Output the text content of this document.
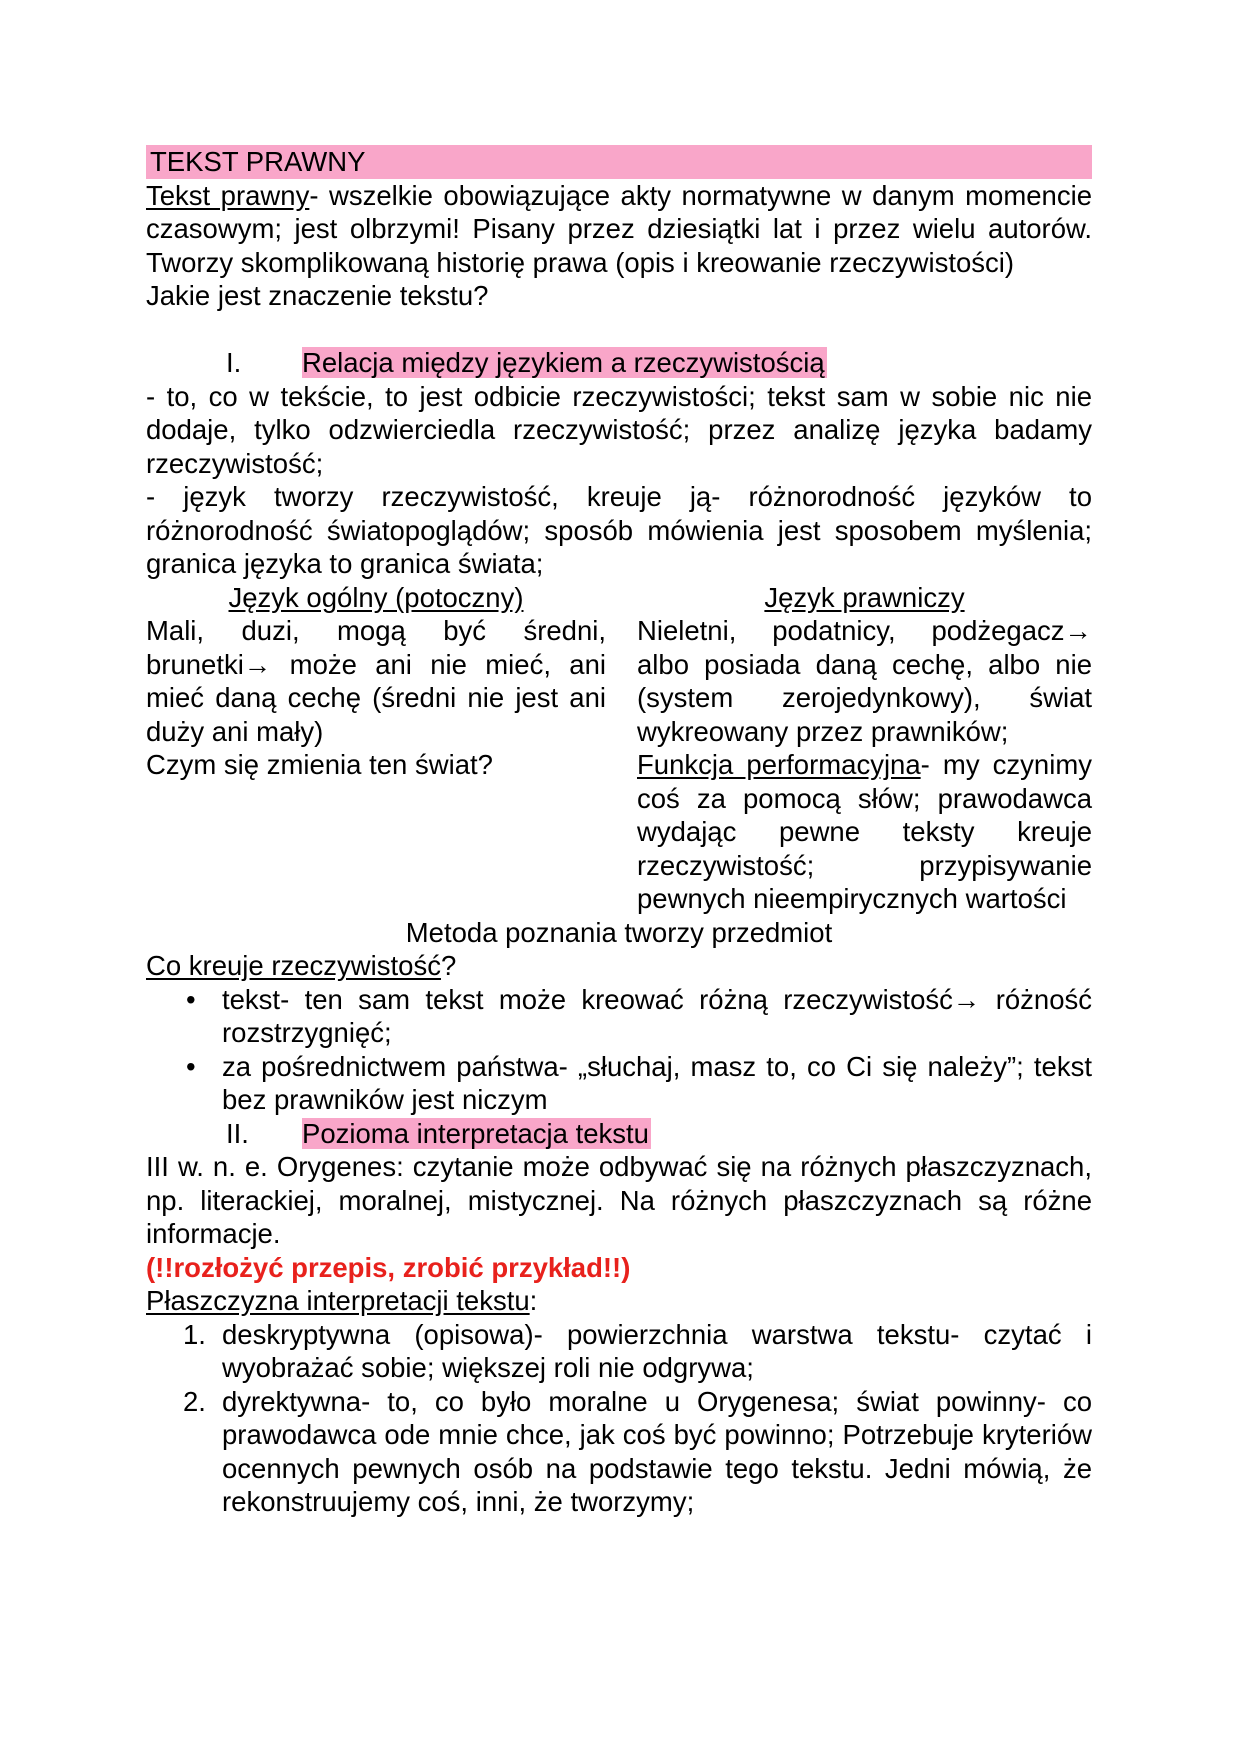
TEKST PRAWNY

Tekst prawny- wszelkie obowiązujące akty normatywne w danym momencie czasowym; jest olbrzymi! Pisany przez dziesiątki lat i przez wielu autorów. Tworzy skomplikowaną historię prawa (opis i kreowanie rzeczywistości)

Jakie jest znaczenie tekstu?

I.	Relacja między językiem a rzeczywistością

- to, co w tekście, to jest odbicie rzeczywistości; tekst sam w sobie nic nie dodaje, tylko odzwierciedla rzeczywistość; przez analizę języka badamy rzeczywistość;

- język tworzy rzeczywistość, kreuje ją- różnorodność języków to różnorodność światopoglądów; sposób mówienia jest sposobem myślenia; granica języka to granica świata;

Język ogólny (potoczny)

Mali, duzi, mogą być średni, brunetki→ może ani nie mieć, ani mieć daną cechę (średni nie jest ani duży ani mały)

Czym się zmienia ten świat?

Język prawniczy

Nieletni, podatnicy, podżegacz→ albo posiada daną cechę, albo nie (system zerojedynkowy), świat wykreowany przez prawników;

Funkcja performacyjna- my czynimy coś za pomocą słów; prawodawca wydając pewne teksty kreuje rzeczywistość; przypisywanie pewnych nieempirycznych wartości

Metoda poznania tworzy przedmiot

Co kreuje rzeczywistość?

• tekst- ten sam tekst może kreować różną rzeczywistość→ różność rozstrzygnięć;
• za pośrednictwem państwa- „słuchaj, masz to, co Ci się należy”; tekst bez prawników jest niczym
II.	Pozioma interpretacja tekstu

III w. n. e. Orygenes: czytanie może odbywać się na różnych płaszczyznach, np. literackiej, moralnej, mistycznej. Na różnych płaszczyznach są różne informacje.

(!!rozłożyć przepis, zrobić przykład!!)

Płaszczyzna interpretacji tekstu:

1. deskryptywna (opisowa)- powierzchnia warstwa tekstu- czytać i wyobrażać sobie; większej roli nie odgrywa;
2. dyrektywna- to, co było moralne u Orygenesa; świat powinny- co prawodawca ode mnie chce, jak coś być powinno; Potrzebuje kryteriów ocennych pewnych osób na podstawie tego tekstu. Jedni mówią, że rekonstruujemy coś, inni, że tworzymy;
